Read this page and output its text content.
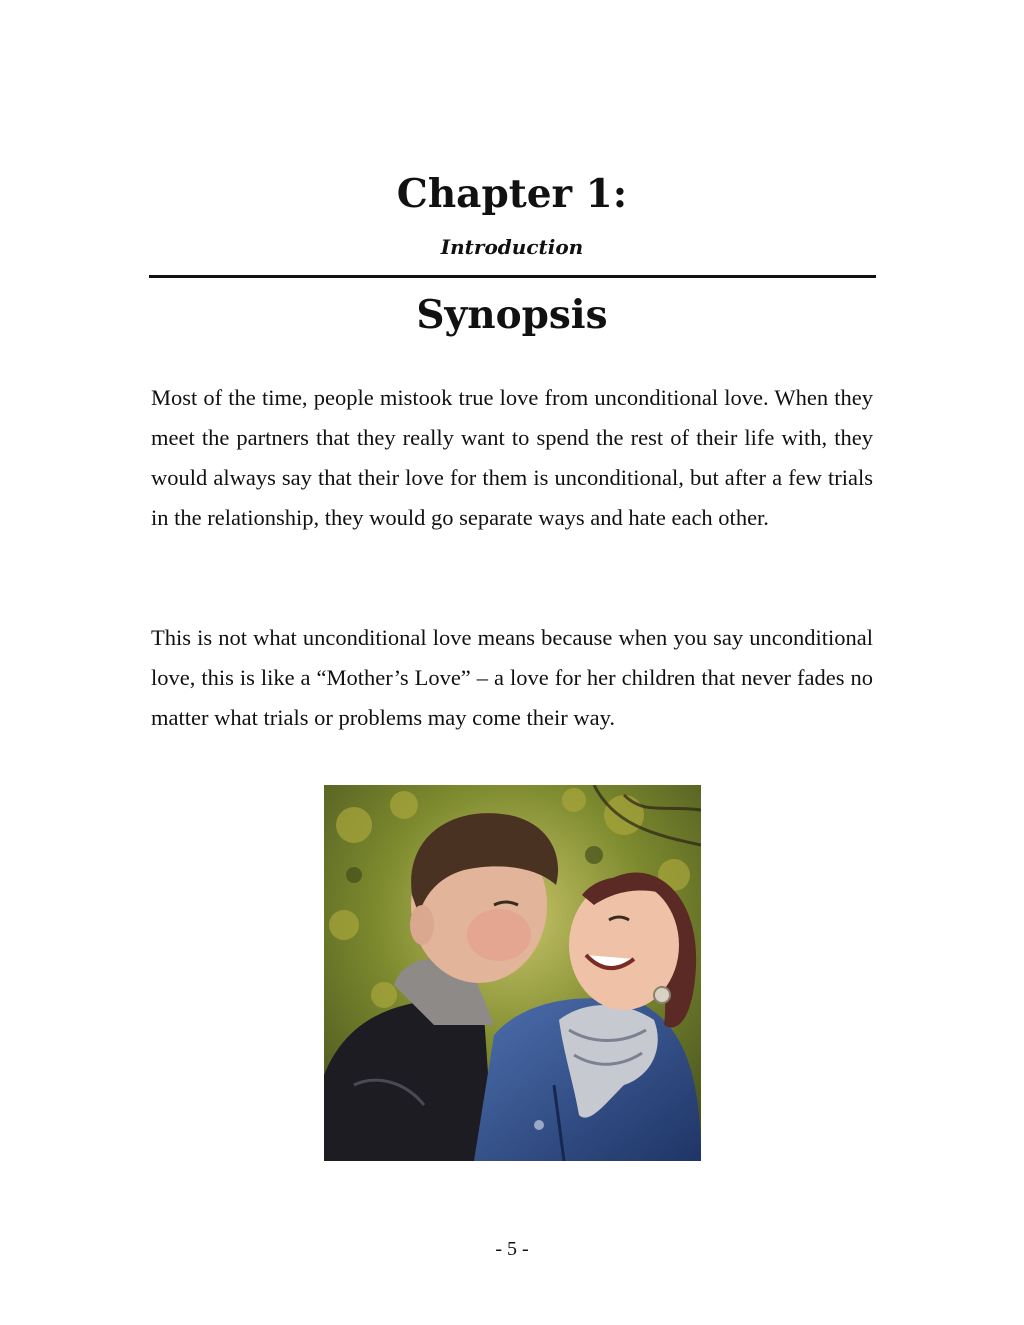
Chapter 1:
Introduction
Synopsis

Most of the time, people mistook true love from unconditional love. When they meet the partners that they really want to spend the rest of their life with, they would always say that their love for them is unconditional, but after a few trials in the relationship, they would go separate ways and hate each other.

This is not what unconditional love means because when you say unconditional love, this is like a “Mother’s Love” – a love for her children that never fades no matter what trials or problems may come their way.

- 5 -
